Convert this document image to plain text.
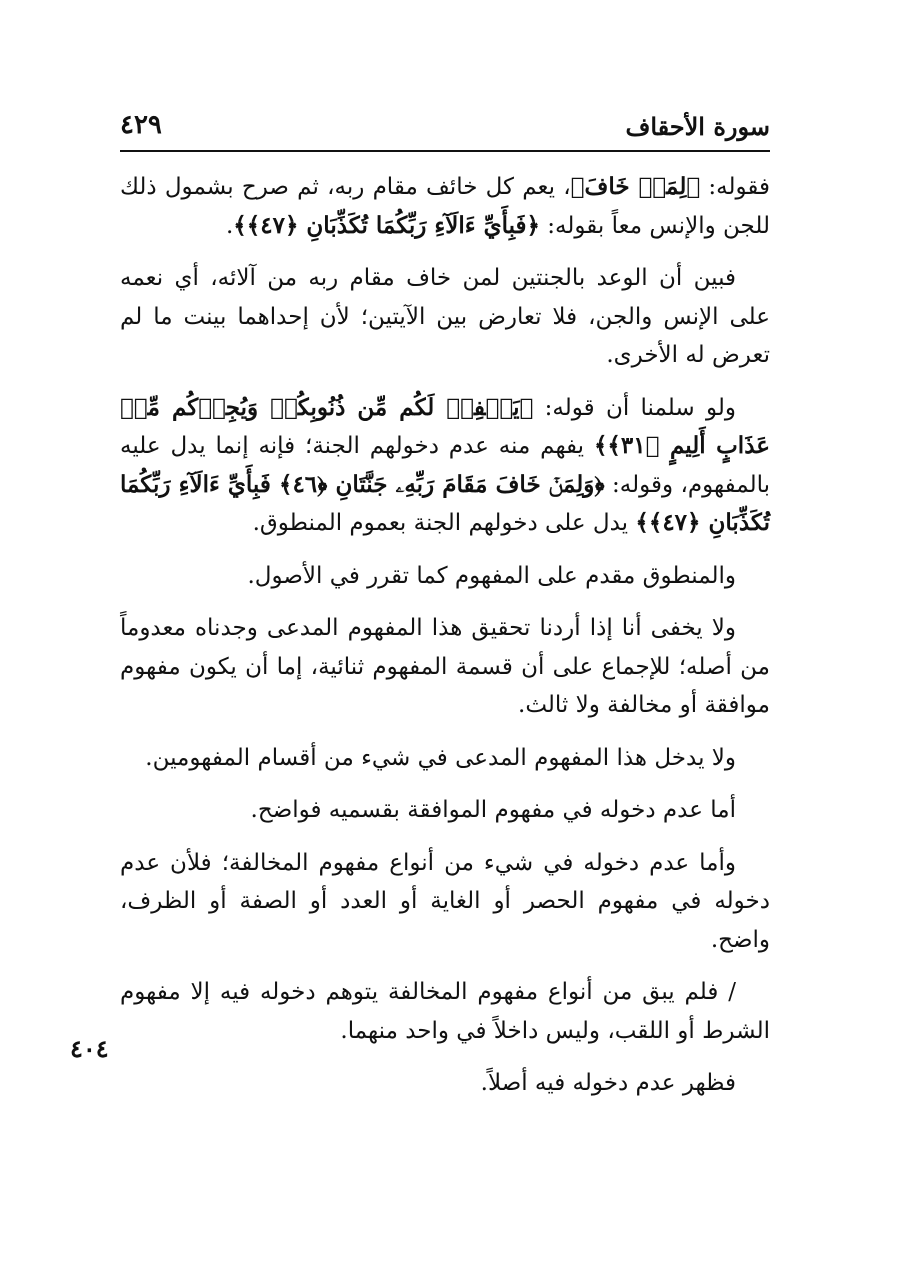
سورة الأحقاف
٤٢٩

فقوله: ﴿لِمَنۡ خَافَ﴾، يعم كل خائف مقام ربه، ثم صرح بشمول ذلك للجن والإنس معاً بقوله: ﴿فَبِأَيِّ ءَالَآءِ رَبِّكُمَا تُكَذِّبَانِ ﴿٤٧﴾﴾.

فبين أن الوعد بالجنتين لمن خاف مقام ربه من آلائه، أي نعمه على الإنس والجن، فلا تعارض بين الآيتين؛ لأن إحداهما بينت ما لم تعرض له الأخرى.

ولو سلمنا أن قوله: ﴿يَغۡفِرۡ لَكُم مِّن ذُنُوبِكُمۡ وَيُجِرۡكُم مِّنۡ عَذَابٍ أَلِيمٍ ﴿٣١﴾﴾ يفهم منه عدم دخولهم الجنة؛ فإنه إنما يدل عليه بالمفهوم، وقوله: ﴿وَلِمَنۡ خَافَ مَقَامَ رَبِّهِۦ جَنَّتَانِ ﴿٤٦﴾ فَبِأَيِّ ءَالَآءِ رَبِّكُمَا تُكَذِّبَانِ ﴿٤٧﴾﴾ يدل على دخولهم الجنة بعموم المنطوق.

والمنطوق مقدم على المفهوم كما تقرر في الأصول.

ولا يخفى أنا إذا أردنا تحقيق هذا المفهوم المدعى وجدناه معدوماً من أصله؛ للإجماع على أن قسمة المفهوم ثنائية، إما أن يكون مفهوم موافقة أو مخالفة ولا ثالث.

ولا يدخل هذا المفهوم المدعى في شيء من أقسام المفهومين.

أما عدم دخوله في مفهوم الموافقة بقسميه فواضح.

وأما عدم دخوله في شيء من أنواع مفهوم المخالفة؛ فلأن عدم دخوله في مفهوم الحصر أو الغاية أو العدد أو الصفة أو الظرف، واضح.

/ فلم يبق من أنواع مفهوم المخالفة يتوهم دخوله فيه إلا مفهوم الشرط أو اللقب، وليس داخلاً في واحد منهما.

فظهر عدم دخوله فيه أصلاً.

٤٠٤
